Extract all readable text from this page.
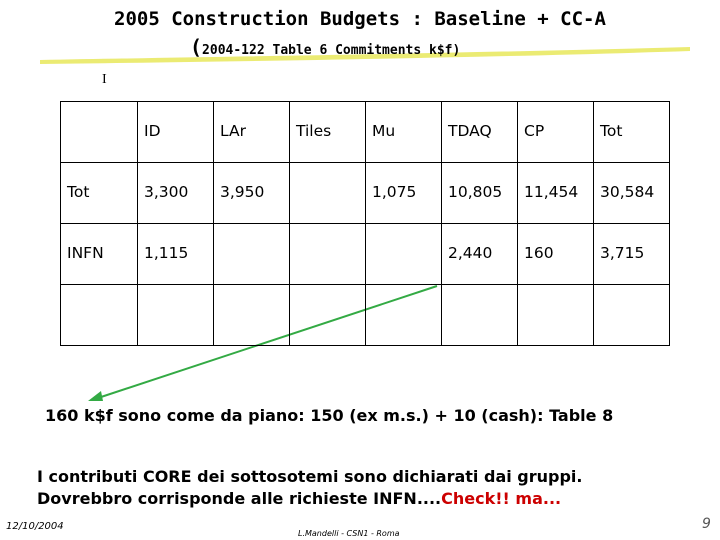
2005 Construction Budgets : Baseline + CC-A
(2004-122 Table 6 Commitments k$f)
I

	ID	LAr	Tiles	Mu	TDAQ	CP	Tot

Tot	3,300	3,950		1,075	10,805	11,454	30,584

INFN	1,115				2,440	160	3,715

160 k$f sono come da piano: 150 (ex m.s.) + 10 (cash): Table 8
I contributi CORE dei sottosotemi sono dichiarati dai gruppi.
Dovrebbro corrisponde alle richieste INFN....Check!! ma...
12/10/2004
L.Mandelli - CSN1 - Roma
9
